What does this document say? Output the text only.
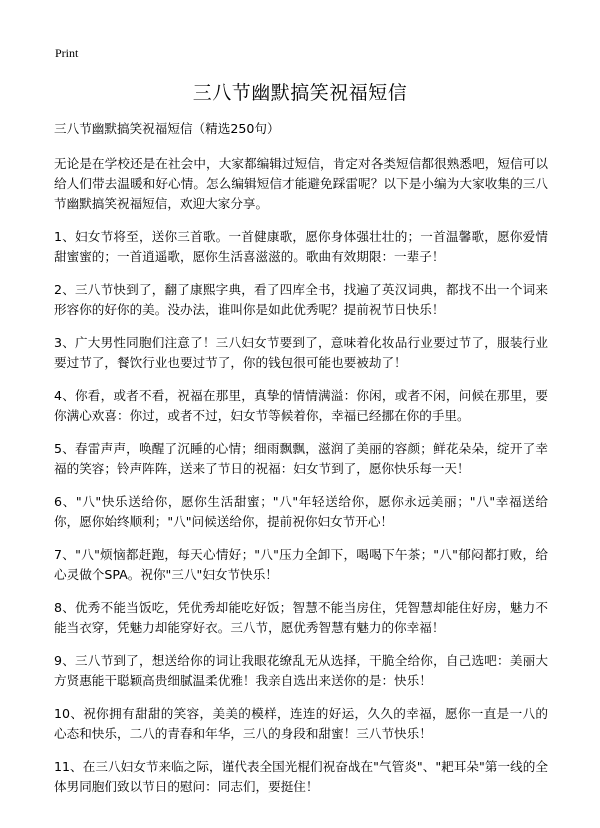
Print
三八节幽默搞笑祝福短信

三八节幽默搞笑祝福短信（精选250句）

无论是在学校还是在社会中，大家都编辑过短信，肯定对各类短信都很熟悉吧，短信可以给人们带去温暖和好心情。怎么编辑短信才能避免踩雷呢？以下是小编为大家收集的三八节幽默搞笑祝福短信，欢迎大家分享。

1、妇女节将至，送你三首歌。一首健康歌，愿你身体强壮壮的；一首温馨歌，愿你爱情甜蜜蜜的；一首逍遥歌，愿你生活喜滋滋的。歌曲有效期限：一辈子！

2、三八节快到了，翻了康熙字典，看了四库全书，找遍了英汉词典，都找不出一个词来形容你的好你的美。没办法，谁叫你是如此优秀呢？提前祝节日快乐！

3、广大男性同胞们注意了！三八妇女节要到了，意味着化妆品行业要过节了，服装行业要过节了，餐饮行业也要过节了，你的钱包很可能也要被劫了！

4、你看，或者不看，祝福在那里，真挚的情情满溢：你闲，或者不闲，问候在那里，要你满心欢喜：你过，或者不过，妇女节等候着你，幸福已经挪在你的手里。

5、春雷声声，唤醒了沉睡的心情；细雨飘飘，滋润了美丽的容颜；鲜花朵朵，绽开了幸福的笑容；铃声阵阵，送来了节日的祝福：妇女节到了，愿你快乐每一天！

6、"八"快乐送给你，愿你生活甜蜜；"八"年轻送给你，愿你永远美丽；"八"幸福送给你，愿你始终顺利；"八"问候送给你，提前祝你妇女节开心！

7、"八"烦恼都赶跑，每天心情好；"八"压力全卸下，喝喝下午茶；"八"郁闷都打败，给心灵做个SPA。祝你"三八"妇女节快乐！

8、优秀不能当饭吃，凭优秀却能吃好饭；智慧不能当房住，凭智慧却能住好房，魅力不能当衣穿，凭魅力却能穿好衣。三八节，愿优秀智慧有魅力的你幸福！

9、三八节到了，想送给你的词让我眼花缭乱无从选择，干脆全给你，自己选吧：美丽大方贤惠能干聪颖高贵细腻温柔优雅！我亲自选出来送你的是：快乐！

10、祝你拥有甜甜的笑容，美美的模样，连连的好运，久久的幸福，愿你一直是一八的心态和快乐，二八的青春和年华，三八的身段和甜蜜！三八节快乐！

11、在三八妇女节来临之际，谨代表全国光棍们祝奋战在"气管炎"、"耙耳朵"第一线的全体男同胞们致以节日的慰问：同志们，要挺住！
